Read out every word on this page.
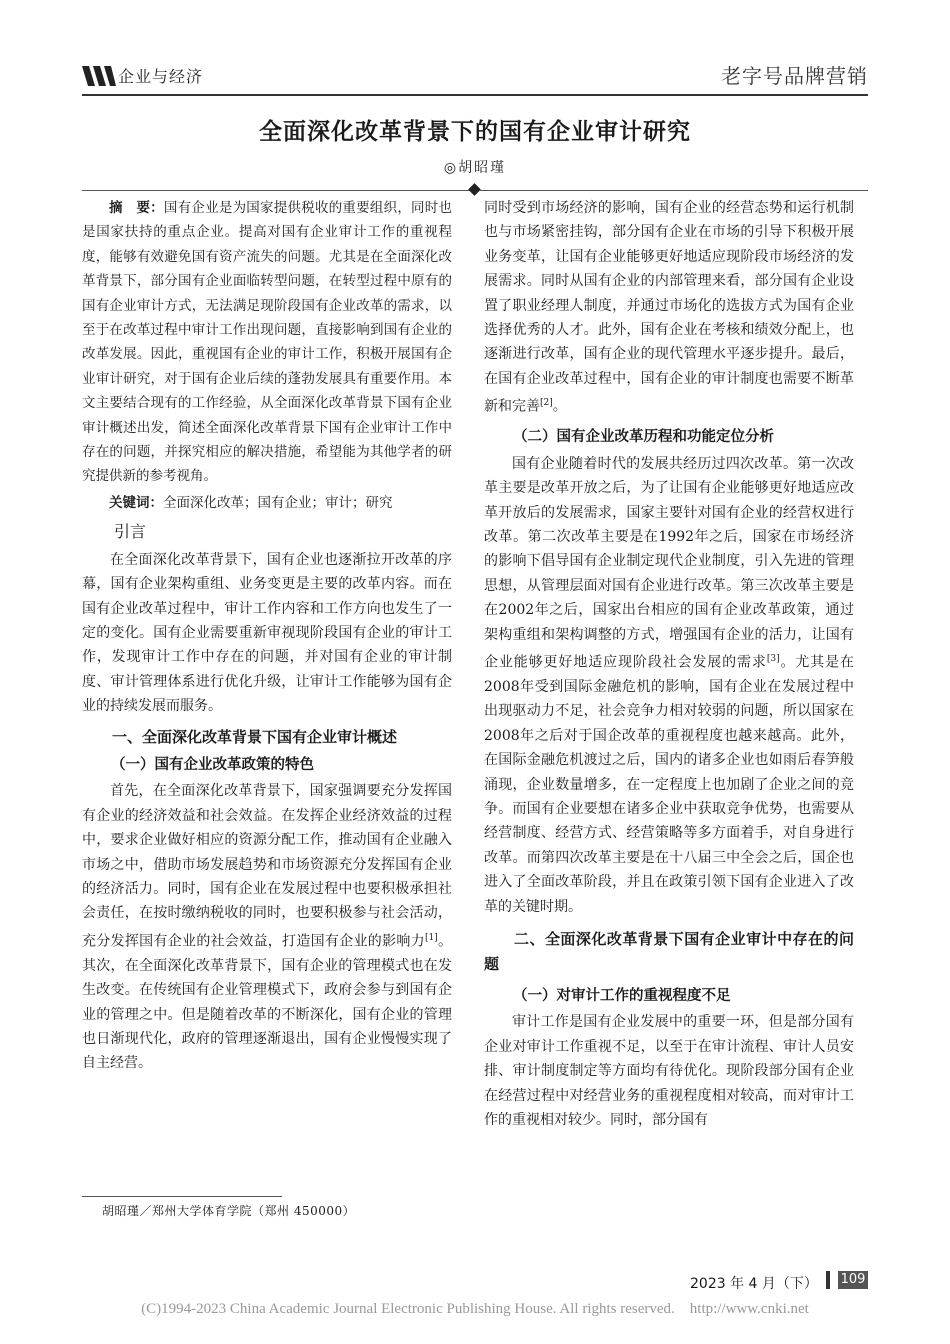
企业与经济	老字号品牌营销
全面深化改革背景下的国有企业审计研究
◎胡昭瑾

摘　要：国有企业是为国家提供税收的重要组织，同时也是国家扶持的重点企业。提高对国有企业审计工作的重视程度，能够有效避免国有资产流失的问题。尤其是在全面深化改革背景下，部分国有企业面临转型问题，在转型过程中原有的国有企业审计方式，无法满足现阶段国有企业改革的需求，以至于在改革过程中审计工作出现问题，直接影响到国有企业的改革发展。因此，重视国有企业的审计工作，积极开展国有企业审计研究，对于国有企业后续的蓬勃发展具有重要作用。本文主要结合现有的工作经验，从全面深化改革背景下国有企业审计概述出发，简述全面深化改革背景下国有企业审计工作中存在的问题，并探究相应的解决措施，希望能为其他学者的研究提供新的参考视角。

关键词：全面深化改革；国有企业；审计；研究

引言

在全面深化改革背景下，国有企业也逐渐拉开改革的序幕，国有企业架构重组、业务变更是主要的改革内容。而在国有企业改革过程中，审计工作内容和工作方向也发生了一定的变化。国有企业需要重新审视现阶段国有企业的审计工作，发现审计工作中存在的问题，并对国有企业的审计制度、审计管理体系进行优化升级，让审计工作能够为国有企业的持续发展而服务。

一、全面深化改革背景下国有企业审计概述
（一）国有企业改革政策的特色

首先，在全面深化改革背景下，国家强调要充分发挥国有企业的经济效益和社会效益。在发挥企业经济效益的过程中，要求企业做好相应的资源分配工作，推动国有企业融入市场之中，借助市场发展趋势和市场资源充分发挥国有企业的经济活力。同时，国有企业在发展过程中也要积极承担社会责任，在按时缴纳税收的同时，也要积极参与社会活动，充分发挥国有企业的社会效益，打造国有企业的影响力[1]。其次，在全面深化改革背景下，国有企业的管理模式也在发生改变。在传统国有企业管理模式下，政府会参与到国有企业的管理之中。但是随着改革的不断深化，国有企业的管理也日渐现代化，政府的管理逐渐退出，国有企业慢慢实现了自主经营。

同时受到市场经济的影响，国有企业的经营态势和运行机制也与市场紧密挂钩，部分国有企业在市场的引导下积极开展业务变革，让国有企业能够更好地适应现阶段市场经济的发展需求。同时从国有企业的内部管理来看，部分国有企业设置了职业经理人制度，并通过市场化的选拔方式为国有企业选择优秀的人才。此外，国有企业在考核和绩效分配上，也逐渐进行改革，国有企业的现代管理水平逐步提升。最后，在国有企业改革过程中，国有企业的审计制度也需要不断革新和完善[2]。

（二）国有企业改革历程和功能定位分析

国有企业随着时代的发展共经历过四次改革。第一次改革主要是改革开放之后，为了让国有企业能够更好地适应改革开放后的发展需求，国家主要针对国有企业的经营权进行改革。第二次改革主要是在1992年之后，国家在市场经济的影响下倡导国有企业制定现代企业制度，引入先进的管理思想，从管理层面对国有企业进行改革。第三次改革主要是在2002年之后，国家出台相应的国有企业改革政策，通过架构重组和架构调整的方式，增强国有企业的活力，让国有企业能够更好地适应现阶段社会发展的需求[3]。尤其是在2008年受到国际金融危机的影响，国有企业在发展过程中出现驱动力不足，社会竞争力相对较弱的问题，所以国家在2008年之后对于国企改革的重视程度也越来越高。此外，在国际金融危机渡过之后，国内的诸多企业也如雨后春笋般涌现，企业数量增多，在一定程度上也加剧了企业之间的竞争。而国有企业要想在诸多企业中获取竞争优势，也需要从经营制度、经营方式、经营策略等多方面着手，对自身进行改革。而第四次改革主要是在十八届三中全会之后，国企也进入了全面改革阶段，并且在政策引领下国有企业进入了改革的关键时期。

二、全面深化改革背景下国有企业审计中存在的问题
（一）对审计工作的重视程度不足

审计工作是国有企业发展中的重要一环，但是部分国有企业对审计工作重视不足，以至于在审计流程、审计人员安排、审计制度制定等方面均有待优化。现阶段部分国有企业在经营过程中对经营业务的重视程度相对较高，而对审计工作的重视相对较少。同时，部分国有

胡昭瑾／郑州大学体育学院（郑州 450000）
2023 年 4 月（下） 109
(C)1994-2023 China Academic Journal Electronic Publishing House. All rights reserved.　http://www.cnki.net
